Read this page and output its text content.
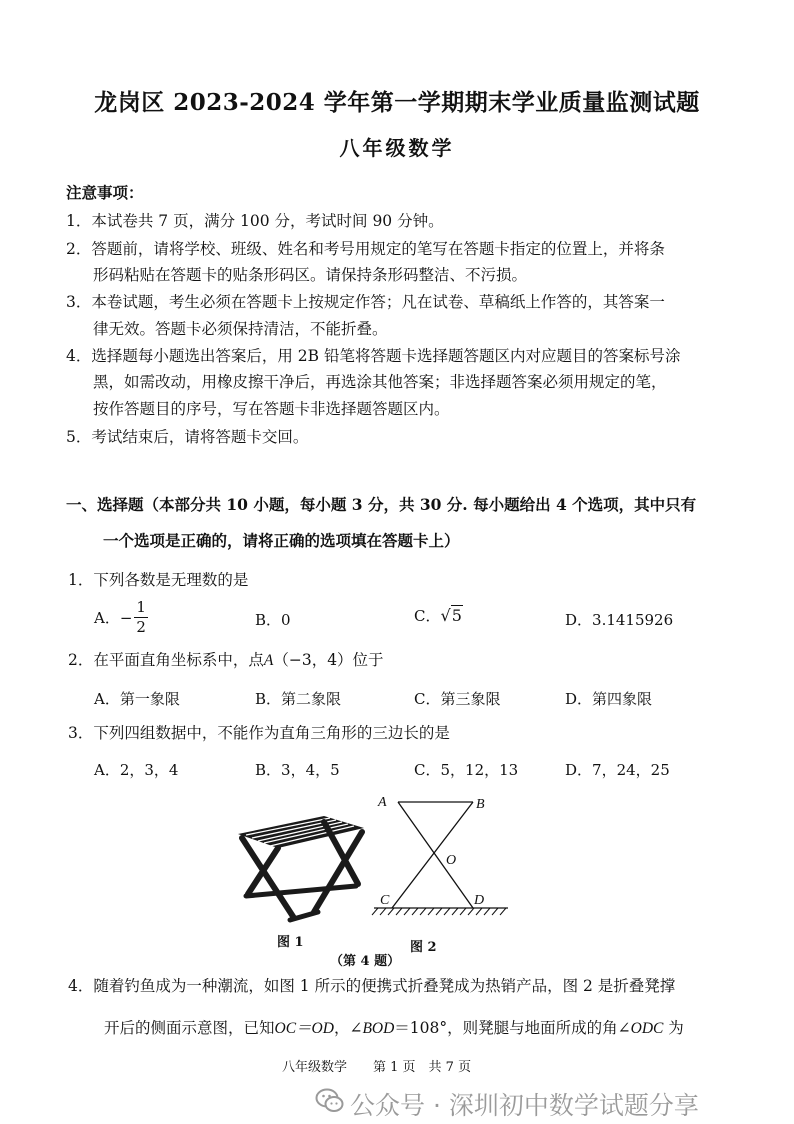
龙岗区 2023-2024 学年第一学期期末学业质量监测试题
八年级数学
注意事项：
1．本试卷共 7 页，满分 100 分，考试时间 90 分钟。
2．答题前，请将学校、班级、姓名和考号用规定的笔写在答题卡指定的位置上，并将条
形码粘贴在答题卡的贴条形码区。请保持条形码整洁、不污损。
3．本卷试题，考生必须在答题卡上按规定作答；凡在试卷、草稿纸上作答的，其答案一
律无效。答题卡必须保持清洁，不能折叠。
4．选择题每小题选出答案后，用 2B 铅笔将答题卡选择题答题区内对应题目的答案标号涂
黑，如需改动，用橡皮擦干净后，再选涂其他答案；非选择题答案必须用规定的笔，
按作答题目的序号，写在答题卡非选择题答题区内。
5．考试结束后，请将答题卡交回。
一、选择题（本部分共 10 小题，每小题 3 分，共 30 分. 每小题给出 4 个选项，其中只有
一个选项是正确的，请将正确的选项填在答题卡上）
1．下列各数是无理数的是
A． − $\frac{1}{2}$	B．0	C．√5	D．3.1415926
2．在平面直角坐标系中，点A（−3，4）位于
A．第一象限	B．第二象限	C．第三象限	D．第四象限
3．下列四组数据中，不能作为直角三角形的三边长的是
A．2，3，4	B．3，4，5	C．5，12，13	D．7，24，25
A	B
O
C	D
图 1	图 2
（第 4 题）
4．随着钓鱼成为一种潮流，如图 1 所示的便携式折叠凳成为热销产品，图 2 是折叠凳撑
开后的侧面示意图，已知OC＝OD，∠BOD＝108°，则凳腿与地面所成的角∠ODC 为
八年级数学　　第 1 页　共 7 页
公众号 · 深圳初中数学试题分享
